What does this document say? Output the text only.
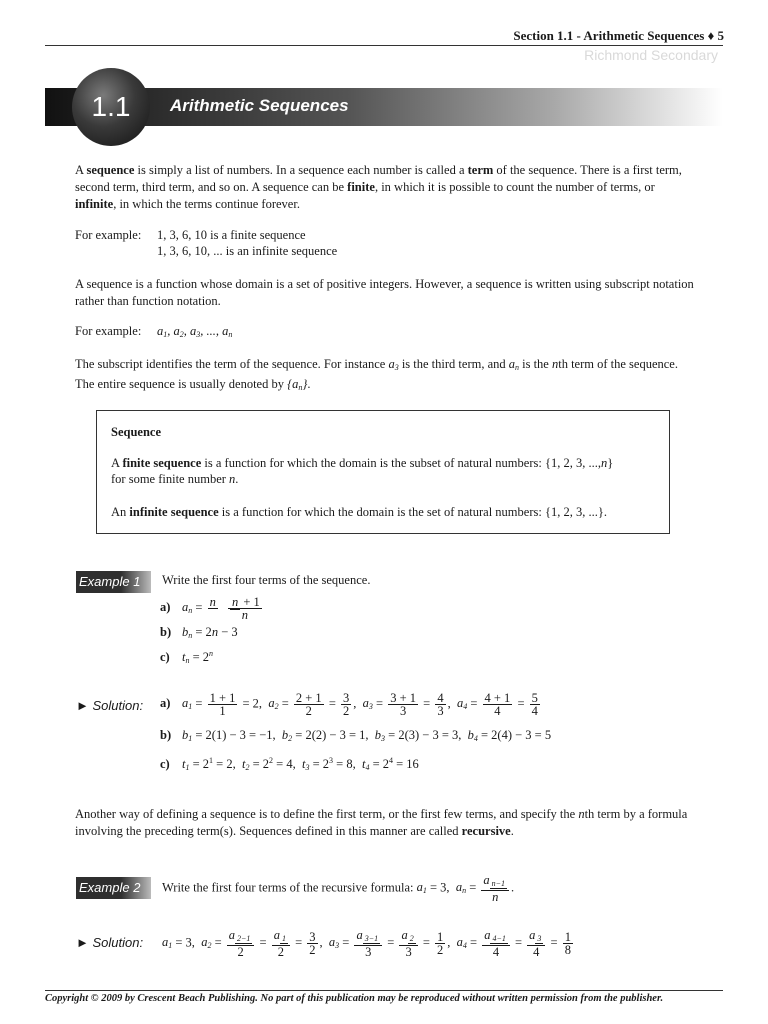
Section 1.1 - Arithmetic Sequences ♦ 5
Richmond Secondary
1.1	Arithmetic Sequences

A sequence is simply a list of numbers. In a sequence each number is called a term of the sequence. There is a first term, second term, third term, and so on. A sequence can be finite, in which it is possible to count the number of terms, or infinite, in which the terms continue forever.

For example: 1, 3, 6, 10 is a finite sequence
1, 3, 6, 10, ... is an infinite sequence

A sequence is a function whose domain is a set of positive integers. However, a sequence is written using subscript notation rather than function notation.

For example: $a_1$, $a_2$, $a_3$, ..., $a_n$

The subscript identifies the term of the sequence. For instance $a_3$ is the third term, and $a_n$ is the nth term of the sequence. The entire sequence is usually denoted by $\{a_n\}$.

Sequence
A finite sequence is a function for which the domain is the subset of natural numbers: {1, 2, 3, ...,n}
for some finite number n.
An infinite sequence is a function for which the domain is the set of natural numbers: {1, 2, 3, ...}.
Example 1	Write the first four terms of the sequence.
a) $a_n = n \frac{n + 1}{n}$
b) $b_n = 2n - 3$
c) $t_n = 2^n$
► Solution: a) $a_1 = \frac{1 + 1}{1} = 2$,  $a_2 = \frac{2 + 1}{2} = \frac{3}{2}$ ,  $a_3 = \frac{3 + 1}{3} = \frac{4}{3}$ ,  $a_4 = \frac{4 + 1}{4} = \frac{5}{4}$
b) $b_1 = 2(1) - 3 = -1$,  $b_2 = 2(2) - 3 = 1$,  $b_3 = 2(3) - 3 = 3$,  $b_4 = 2(4) - 3 = 5$
c) $t_1 = 2^1 = 2$,  $t_2 = 2^2 = 4$,  $t_3 = 2^3 = 8$,  $t_4 = 2^4 = 16$

Another way of defining a sequence is to define the first term, or the first few terms, and specify the nth term by a formula involving the preceding term(s). Sequences defined in this manner are called recursive.

Example 2	Write the first four terms of the recursive formula: $a_1 = 3$,  $a_n = \frac{a _{n-1}}{n}$ .
► Solution: $a_1 = 3$,  $a_2 = \frac{a _{2-1}}{2} = \frac{a _1}{2} = \frac{3}{2}$ ,  $a_3 = \frac{a _{3-1}}{3} = \frac{a _2}{3} = \frac{1}{2}$ ,  $a_4 = \frac{a _{4-1}}{4} = \frac{a _3}{4} = \frac{1}{8}$
Copyright © 2009 by Crescent Beach Publishing. No part of this publication may be reproduced without written permission from the publisher.
